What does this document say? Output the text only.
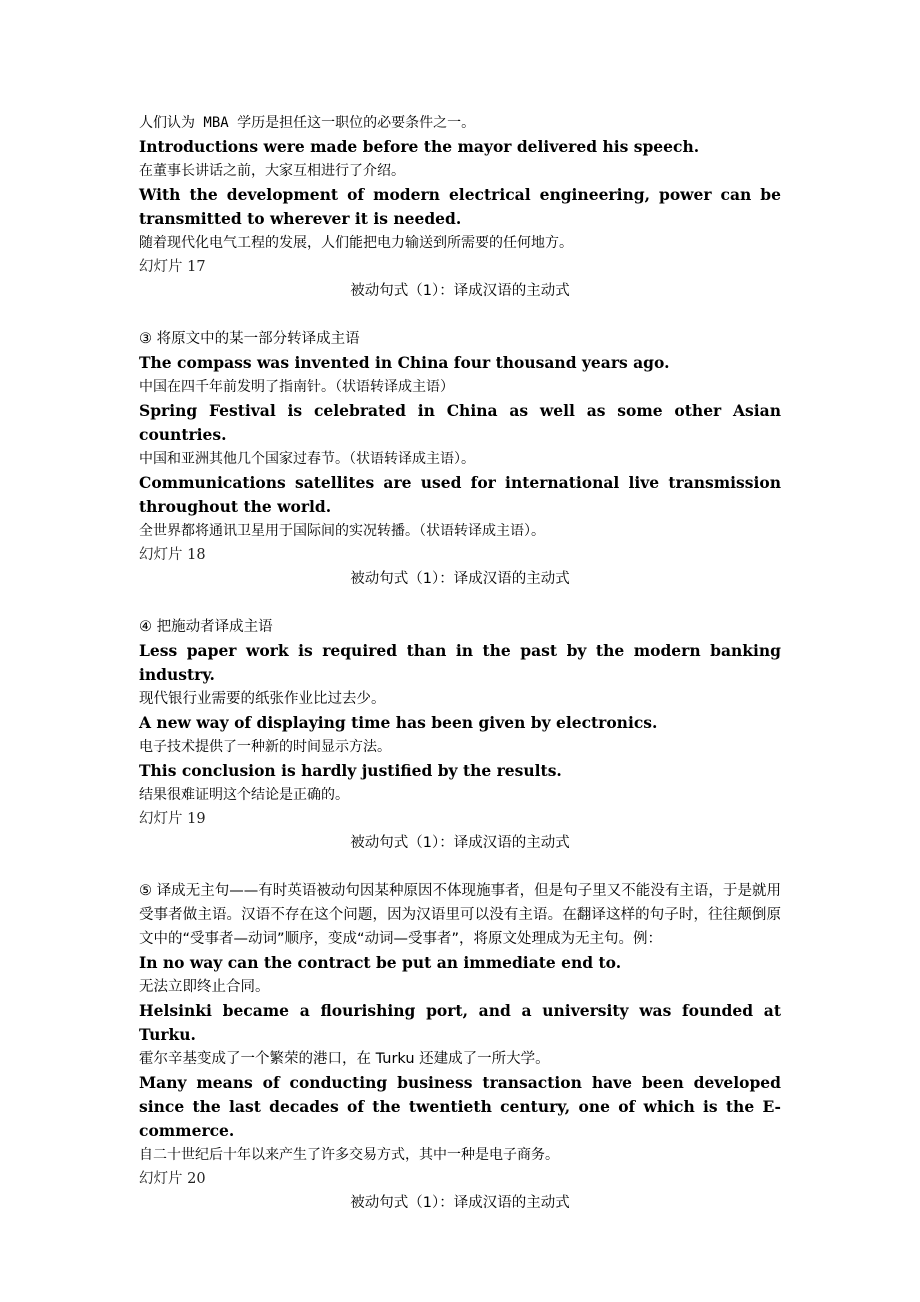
人们认为 MBA 学历是担任这一职位的必要条件之一。

Introductions were made before the mayor delivered his speech.

在董事长讲话之前，大家互相进行了介绍。

With the development of modern electrical engineering, power can be transmitted to wherever it is needed.

随着现代化电气工程的发展，人们能把电力输送到所需要的任何地方。

幻灯片 17

被动句式（1）：译成汉语的主动式

③ 将原文中的某一部分转译成主语

The compass was invented in China four thousand years ago.

中国在四千年前发明了指南针。（状语转译成主语）

Spring Festival is celebrated in China as well as some other Asian countries.

中国和亚洲其他几个国家过春节。（状语转译成主语）。

Communications satellites are used for international live transmission throughout the world.

全世界都将通讯卫星用于国际间的实况转播。（状语转译成主语）。

幻灯片 18

被动句式（1）：译成汉语的主动式

④ 把施动者译成主语

Less paper work is required than in the past by the modern banking industry.

现代银行业需要的纸张作业比过去少。

A new way of displaying time has been given by electronics.

电子技术提供了一种新的时间显示方法。

This conclusion is hardly justified by the results.

结果很难证明这个结论是正确的。

幻灯片 19

被动句式（1）：译成汉语的主动式

⑤ 译成无主句——有时英语被动句因某种原因不体现施事者，但是句子里又不能没有主语，于是就用受事者做主语。汉语不存在这个问题，因为汉语里可以没有主语。在翻译这样的句子时，往往颠倒原文中的“受事者—动词”顺序，变成“动词—受事者”，将原文处理成为无主句。例：

In no way can the contract be put an immediate end to.

无法立即终止合同。

Helsinki became a flourishing port, and a university was founded at Turku.

霍尔辛基变成了一个繁荣的港口，在 Turku 还建成了一所大学。

Many means of conducting business transaction have been developed since the last decades of the twentieth century, one of which is the E-commerce.

自二十世纪后十年以来产生了许多交易方式，其中一种是电子商务。

幻灯片 20

被动句式（1）：译成汉语的主动式
